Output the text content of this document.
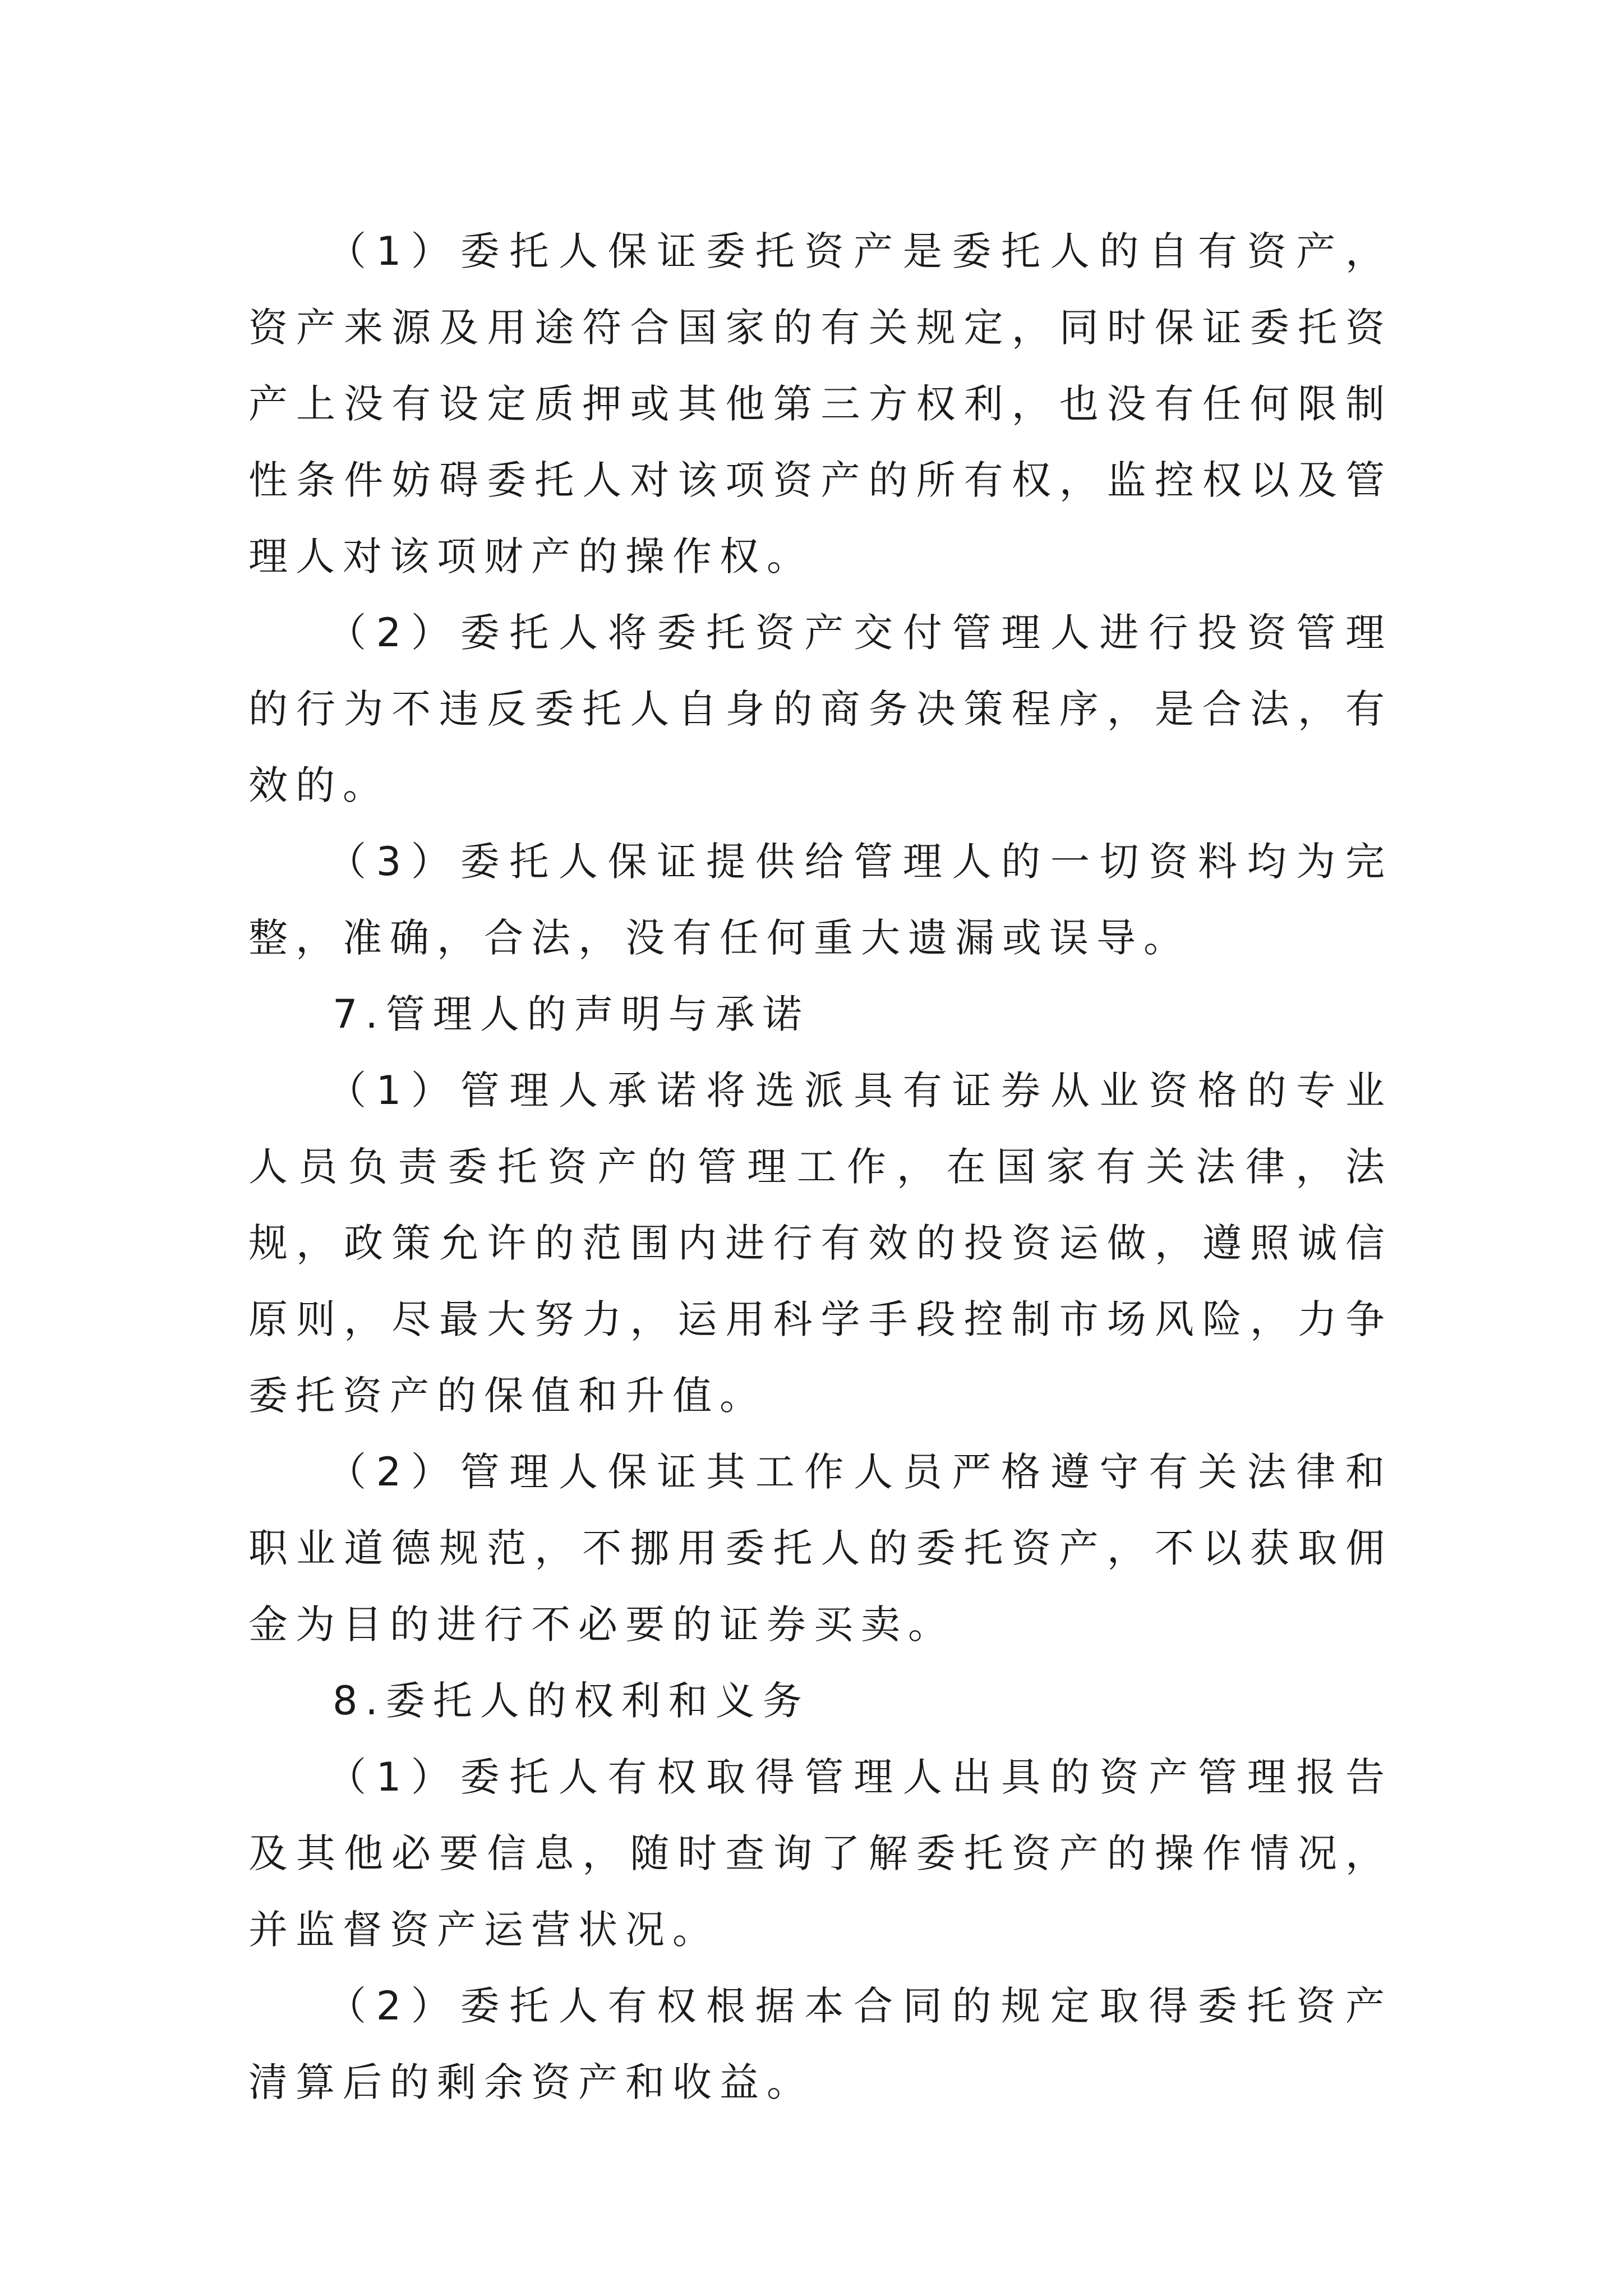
（1）委托人保证委托资产是委托人的自有资产，资产来源及用途符合国家的有关规定，同时保证委托资产上没有设定质押或其他第三方权利，也没有任何限制性条件妨碍委托人对该项资产的所有权，监控权以及管理人对该项财产的操作权。

（2）委托人将委托资产交付管理人进行投资管理的行为不违反委托人自身的商务决策程序，是合法，有效的。

（3）委托人保证提供给管理人的一切资料均为完整，准确，合法，没有任何重大遗漏或误导。

7.管理人的声明与承诺

（1）管理人承诺将选派具有证券从业资格的专业人员负责委托资产的管理工作，在国家有关法律，法规，政策允许的范围内进行有效的投资运做，遵照诚信原则，尽最大努力，运用科学手段控制市场风险，力争委托资产的保值和升值。

（2）管理人保证其工作人员严格遵守有关法律和职业道德规范，不挪用委托人的委托资产，不以获取佣金为目的进行不必要的证券买卖。

8.委托人的权利和义务

（1）委托人有权取得管理人出具的资产管理报告及其他必要信息，随时查询了解委托资产的操作情况，并监督资产运营状况。

（2）委托人有权根据本合同的规定取得委托资产清算后的剩余资产和收益。
